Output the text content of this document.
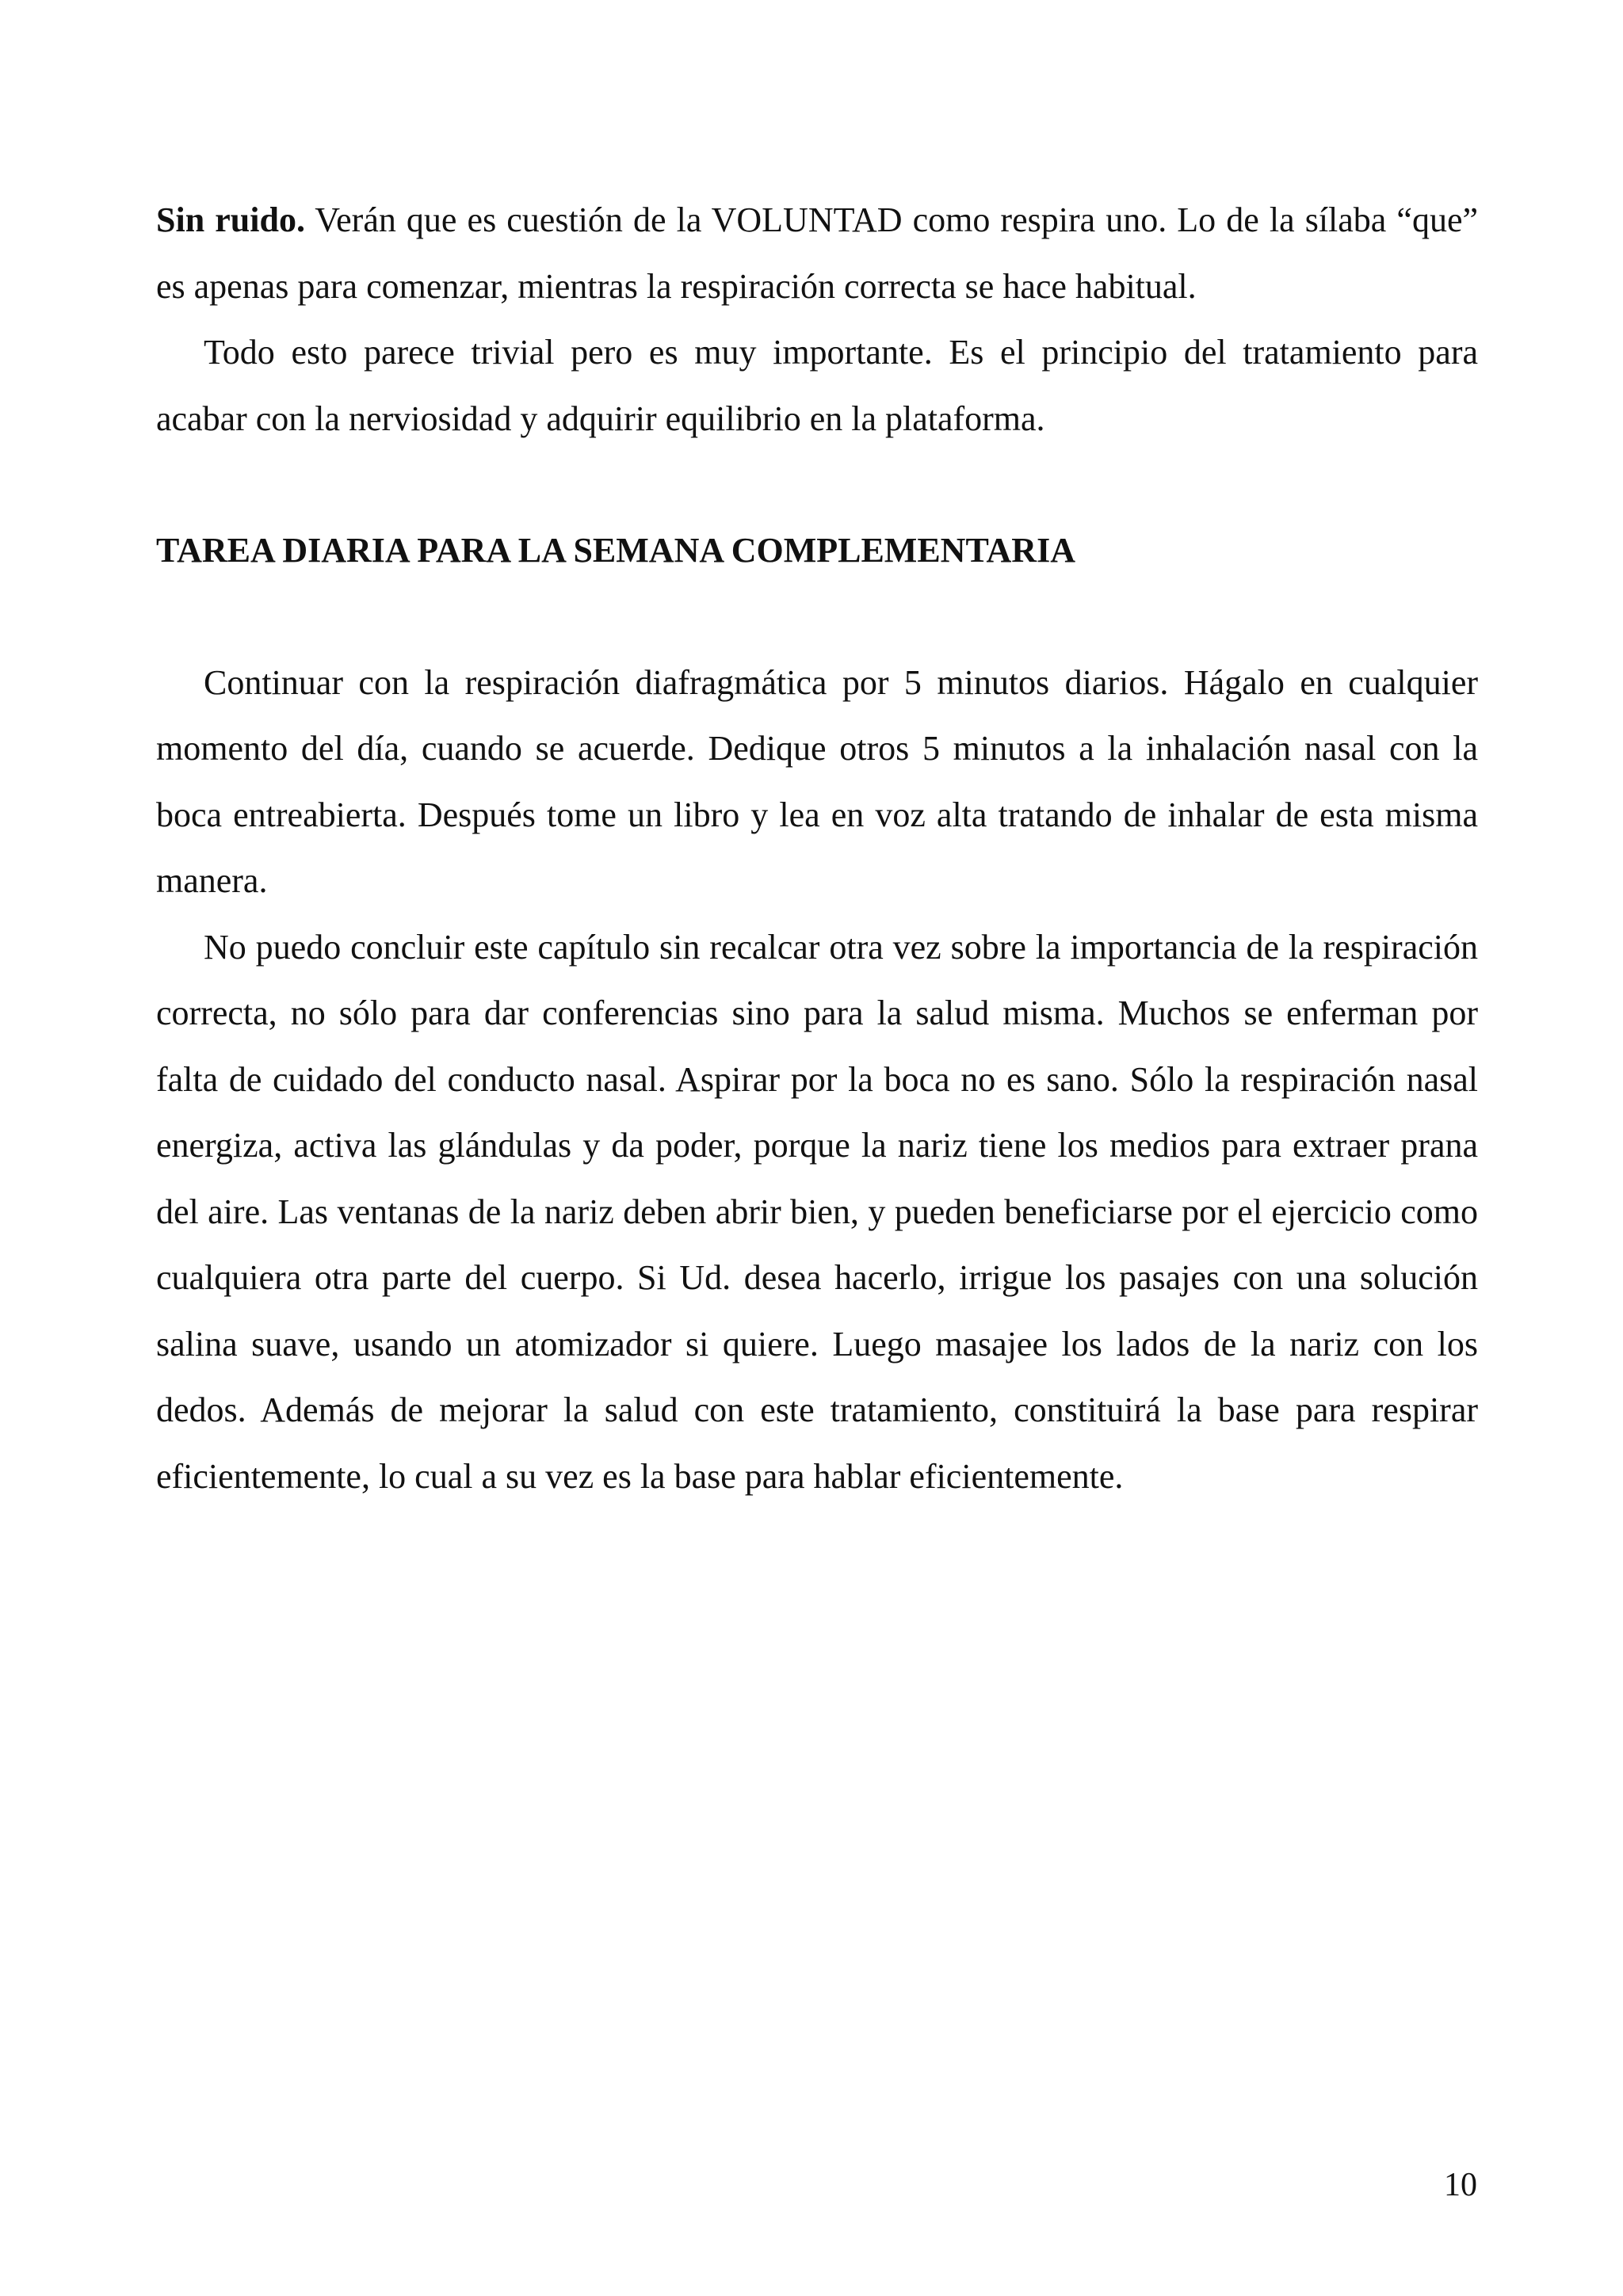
Sin ruido. Verán que es cuestión de la VOLUNTAD como respira uno. Lo de la sílaba “que” es apenas para comenzar, mientras la respiración correcta se hace habitual.

Todo esto parece trivial pero es muy importante. Es el principio del tratamiento para acabar con la nerviosidad y adquirir equilibrio en la plataforma.

TAREA DIARIA PARA LA SEMANA COMPLEMENTARIA

Continuar con la respiración diafragmática por 5 minutos diarios. Hágalo en cualquier momento del día, cuando se acuerde. Dedique otros 5 minutos a la inhalación nasal con la boca entreabierta. Después tome un libro y lea en voz alta tratando de inhalar de esta misma manera.

No puedo concluir este capítulo sin recalcar otra vez sobre la importancia de la respiración correcta, no sólo para dar conferencias sino para la salud misma. Muchos se enferman por falta de cuidado del conducto nasal. Aspirar por la boca no es sano. Sólo la respiración nasal energiza, activa las glándulas y da poder, porque la nariz tiene los medios para extraer prana del aire. Las ventanas de la nariz deben abrir bien, y pueden beneficiarse por el ejercicio como cualquiera otra parte del cuerpo. Si Ud. desea hacerlo, irrigue los pasajes con una solución salina suave, usando un atomizador si quiere. Luego masajee los lados de la nariz con los dedos. Además de mejorar la salud con este tratamiento, constituirá la base para respirar eficientemente, lo cual a su vez es la base para hablar eficientemente.

10
